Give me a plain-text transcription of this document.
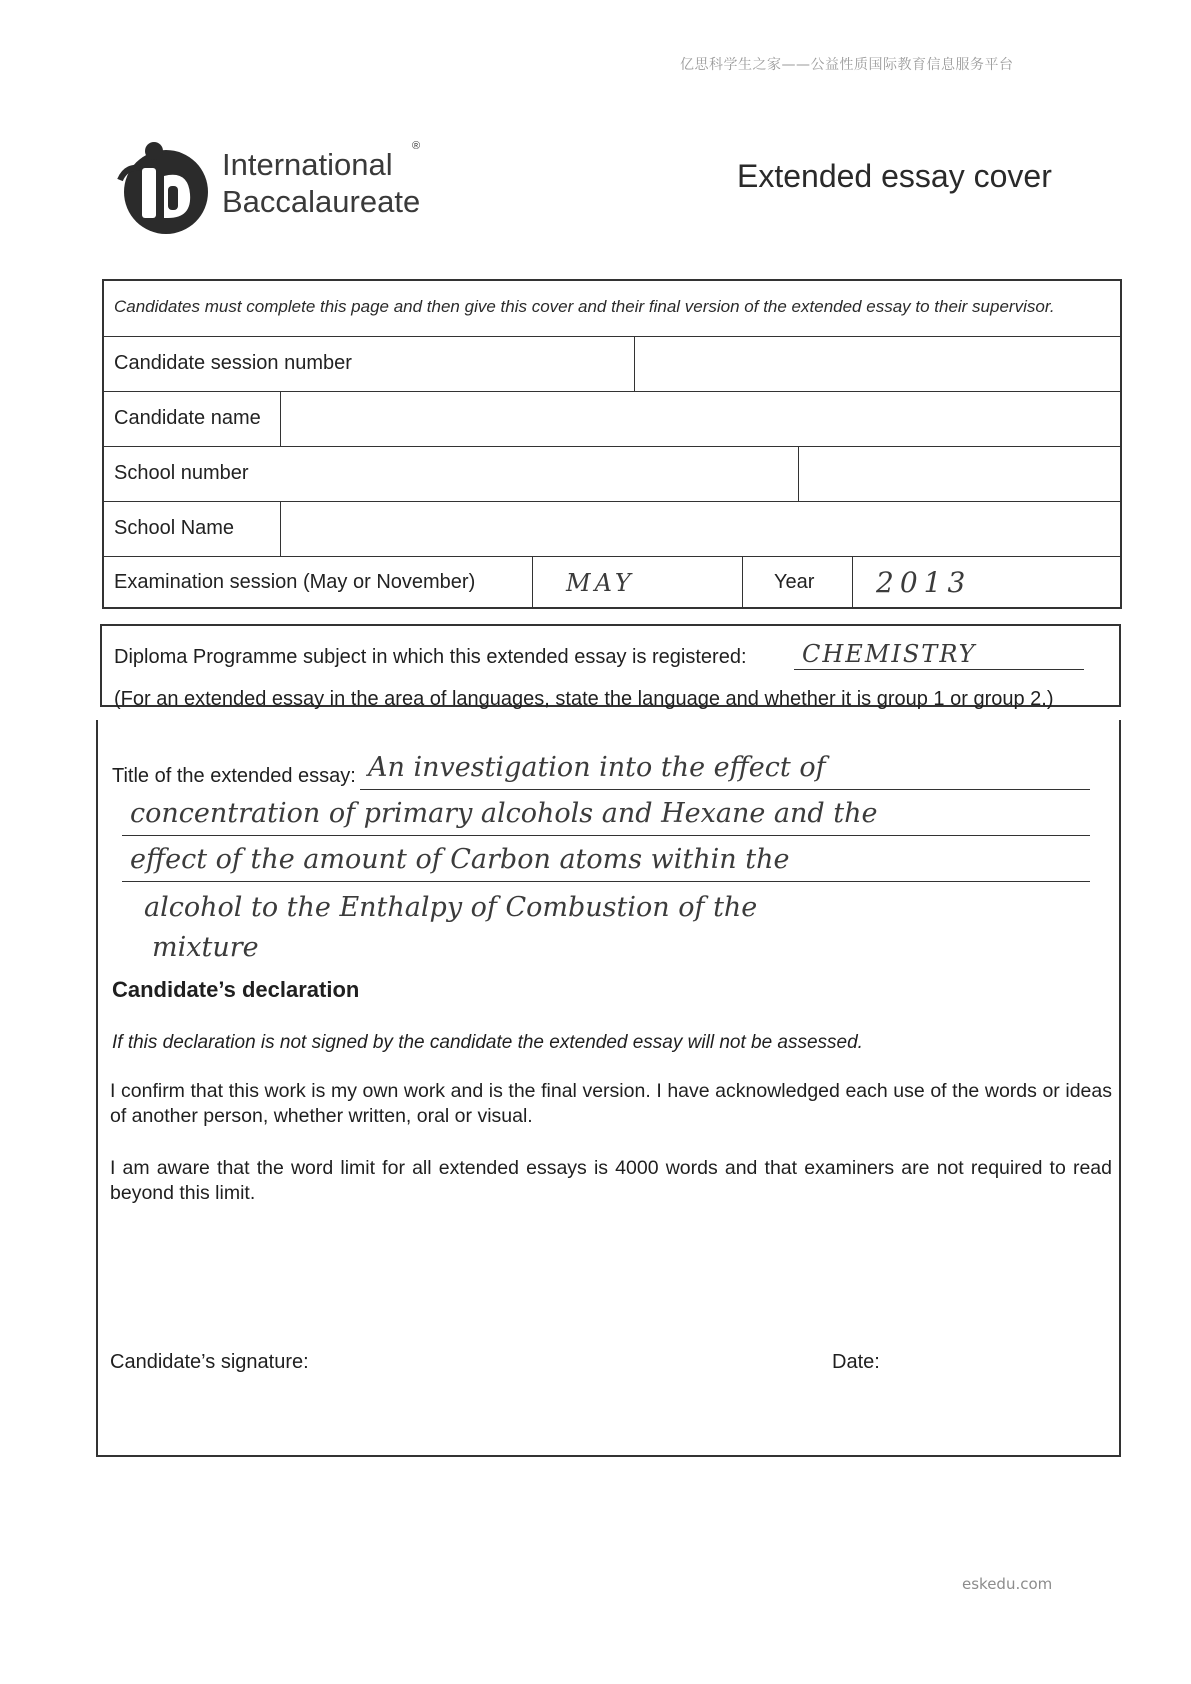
亿思科学生之家——公益性质国际教育信息服务平台
International
Baccalaureate
®
Extended essay cover
Candidates must complete this page and then give this cover and their final version of the extended essay to their supervisor.
Candidate session number
Candidate name
School number
School Name
Examination session (May or November)	MAY	Year 2013
Diploma Programme subject in which this extended essay is registered: CHEMISTRY
(For an extended essay in the area of languages, state the language and whether it is group 1 or group 2.)
Title of the extended essay: An investigation into the effect of
concentration of primary alcohols and Hexane and the
effect of the amount of Carbon atoms within the
alcohol to the Enthalpy of Combustion of the
mixture
Candidate’s declaration
If this declaration is not signed by the candidate the extended essay will not be assessed.
I confirm that this work is my own work and is the final version. I have acknowledged each use of the words or ideas of another person, whether written, oral or visual.
I am aware that the word limit for all extended essays is 4000 words and that examiners are not required to read beyond this limit.
Candidate’s signature:	Date:
eskedu.com
